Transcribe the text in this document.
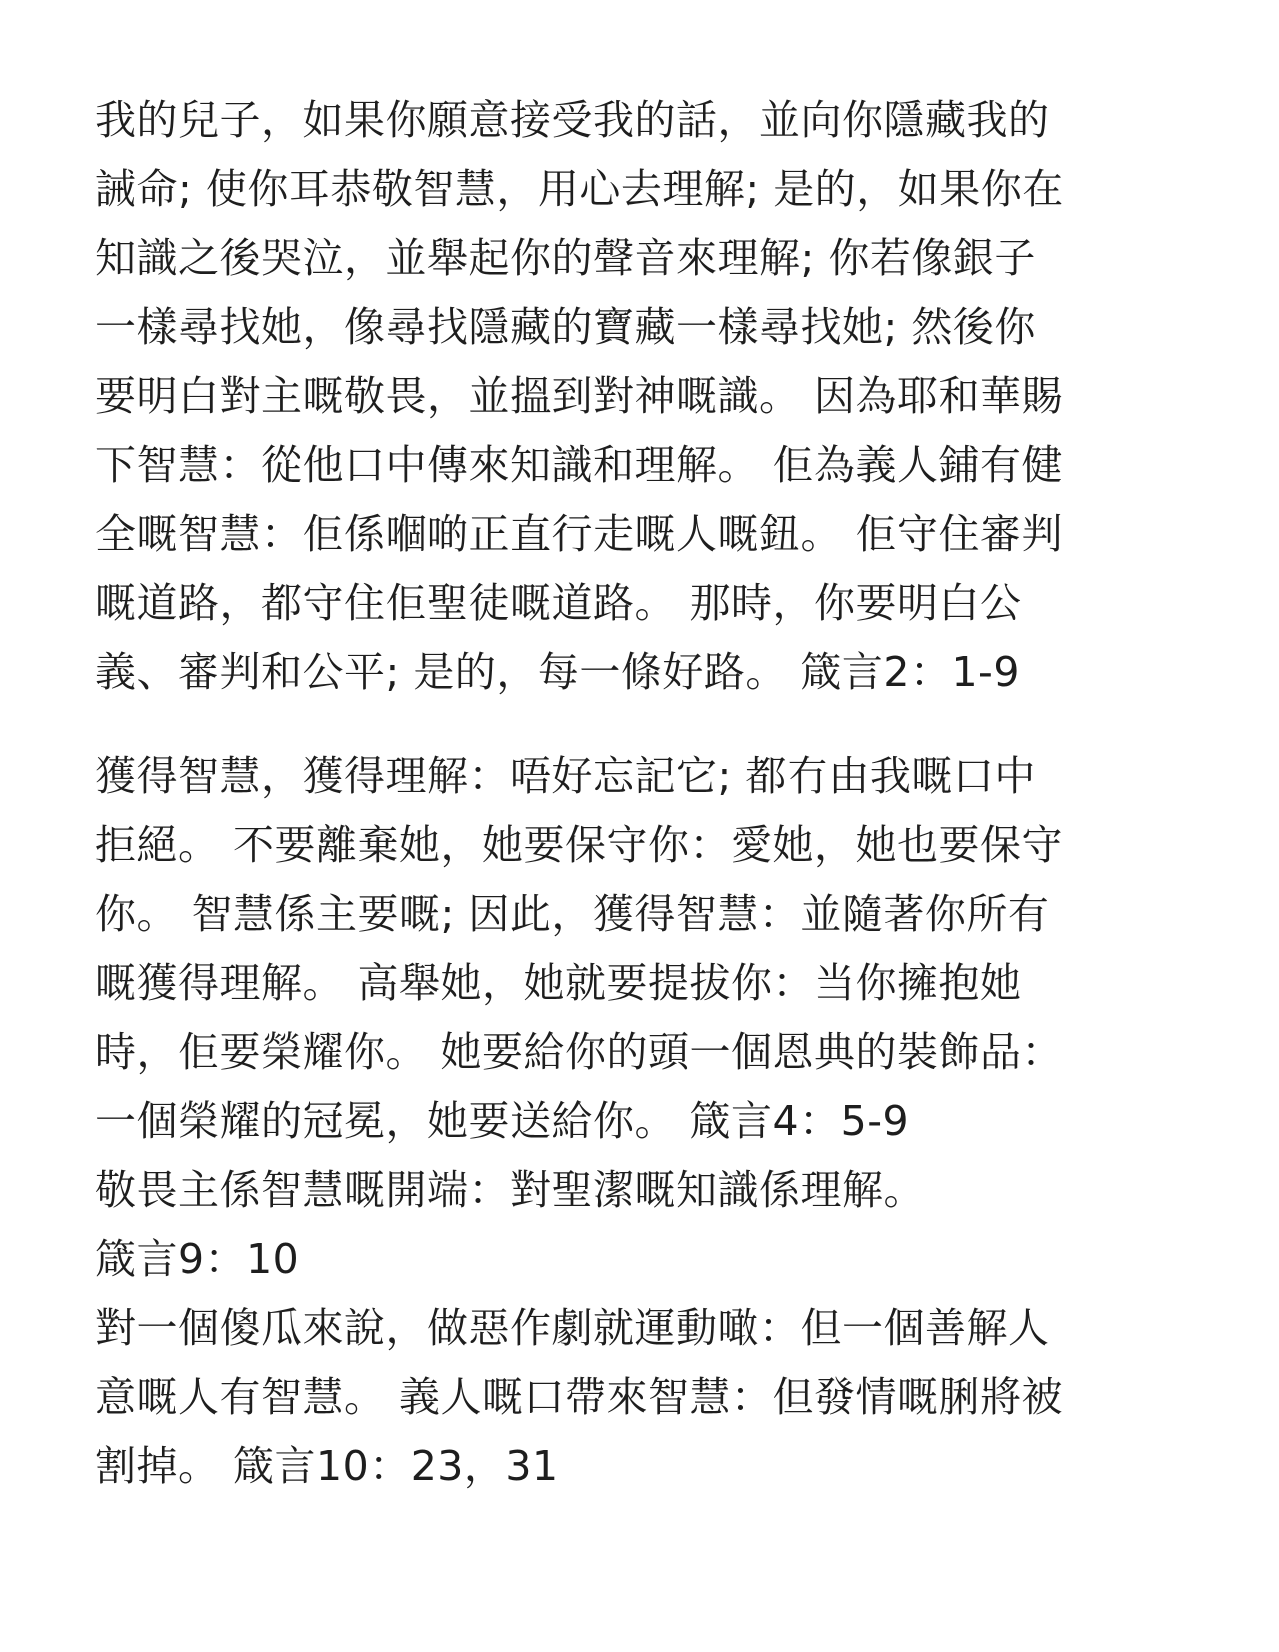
我的兒子，如果你願意接受我的話，並向你隱藏我的
誡命; 使你耳恭敬智慧，用心去理解; 是的，如果你在
知識之後哭泣，並舉起你的聲音來理解; 你若像銀子
一樣尋找她，像尋找隱藏的寶藏一樣尋找她; 然後你
要明白對主嘅敬畏，並搵到對神嘅識。 因為耶和華賜
下智慧：從他口中傳來知識和理解。 佢為義人鋪有健
全嘅智慧：佢係嗰啲正直行走嘅人嘅鈕。 佢守住審判
嘅道路，都守住佢聖徒嘅道路。 那時，你要明白公
義、審判和公平; 是的，每一條好路。 箴言2：1-9
獲得智慧，獲得理解：唔好忘記它; 都冇由我嘅口中
拒絕。 不要離棄她，她要保守你：愛她，她也要保守
你。 智慧係主要嘅; 因此，獲得智慧：並隨著你所有
嘅獲得理解。 高舉她，她就要提拔你：当你擁抱她
時，佢要榮耀你。 她要給你的頭一個恩典的裝飾品：
一個榮耀的冠冕，她要送給你。 箴言4：5-9
敬畏主係智慧嘅開端：對聖潔嘅知識係理解。
箴言9：10
對一個傻瓜來說，做惡作劇就運動噉：但一個善解人
意嘅人有智慧。 義人嘅口帶來智慧：但發情嘅脷將被
割掉。 箴言10：23，31
